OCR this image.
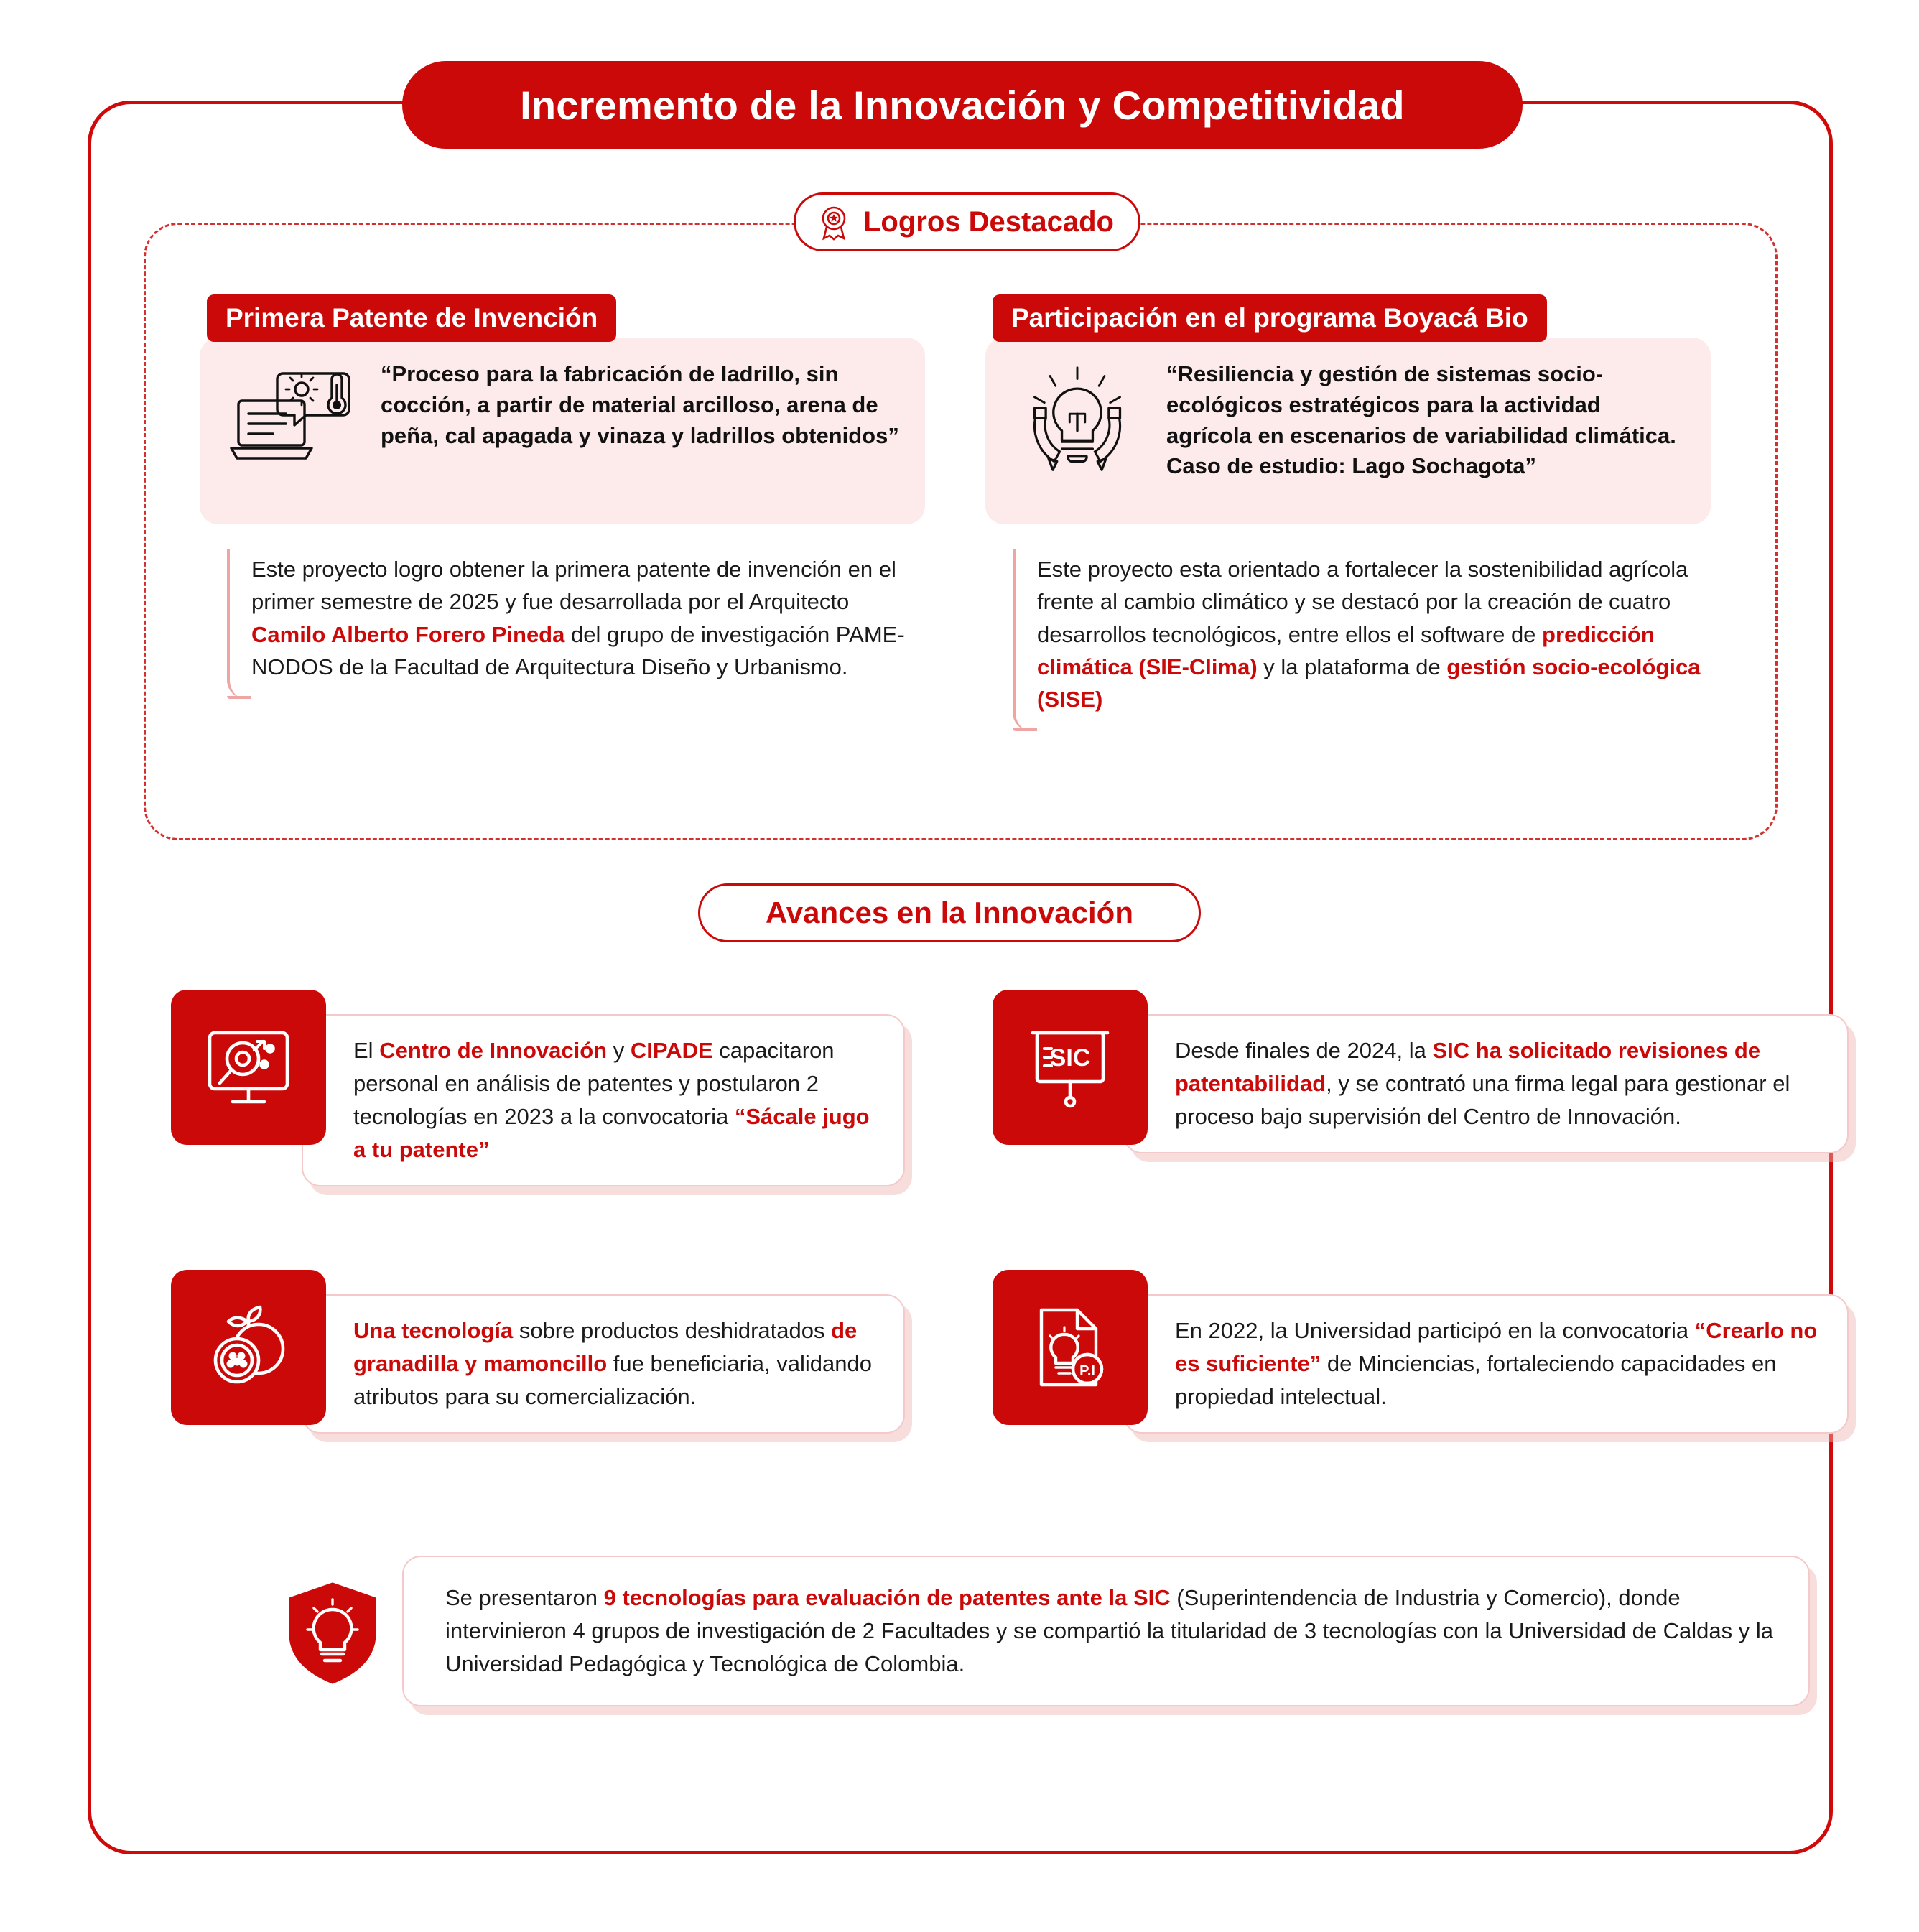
Incremento de la Innovación y Competitividad
Logros Destacado
Primera Patente de Invención
“Proceso para la fabricación de ladrillo, sin cocción, a partir de material arcilloso, arena de peña, cal apagada y vinaza y ladrillos obtenidos”

Este proyecto logro obtener la primera patente de invención en el primer semestre de 2025 y fue desarrollada por el Arquitecto Camilo Alberto Forero Pineda del grupo de investigación PAME-NODOS de la Facultad de Arquitectura Diseño y Urbanismo.

Participación en el programa Boyacá Bio
“Resiliencia y gestión de sistemas socio-ecológicos estratégicos para la actividad agrícola en escenarios de variabilidad climática. Caso de estudio: Lago Sochagota”

Este proyecto esta orientado a fortalecer la sostenibilidad agrícola frente al cambio climático y se destacó por la creación de cuatro desarrollos tecnológicos, entre ellos el software de predicción climática (SIE-Clima) y la plataforma de gestión socio-ecológica (SISE)

Avances en la Innovación

El Centro de Innovación y CIPADE capacitaron personal en análisis de patentes y postularon 2 tecnologías en 2023 a la convocatoria “Sácale jugo a tu patente”

SIC	Desde finales de 2024, la SIC ha solicitado revisiones de patentabilidad, y se contrató una firma legal para gestionar el proceso bajo supervisión del Centro de Innovación.

Una tecnología sobre productos deshidratados de granadilla y mamoncillo fue beneficiaria, validando atributos para su comercialización.

P.I

En 2022, la Universidad participó en la convocatoria “Crearlo no es suficiente” de Minciencias, fortaleciendo capacidades en propiedad intelectual.

Se presentaron 9 tecnologías para evaluación de patentes ante la SIC (Superintendencia de Industria y Comercio), donde intervinieron 4 grupos de investigación de 2 Facultades y se compartió la titularidad de 3 tecnologías con la Universidad de Caldas y la Universidad Pedagógica y Tecnológica de Colombia.
